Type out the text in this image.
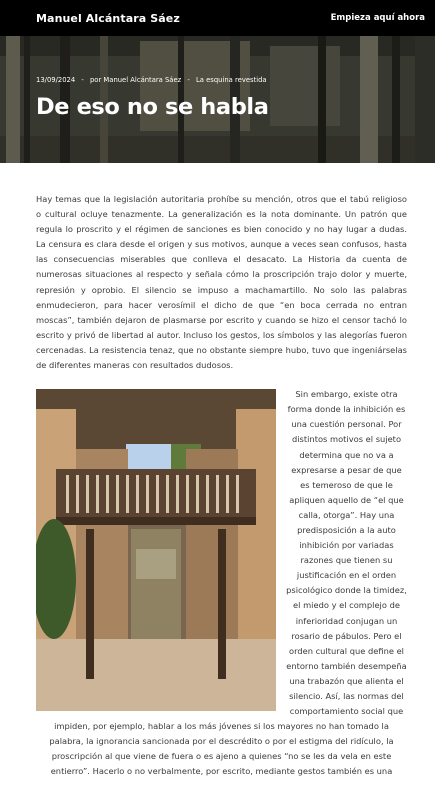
Manuel Alcántara Sáez	Empieza aquí ahora
13/09/2024 - por Manuel Alcántara Sáez - La esquina revestida
De eso no se habla

Hay temas que la legislación autoritaria prohíbe su mención, otros que el tabú religioso o cultural ocluye tenazmente. La generalización es la nota dominante. Un patrón que regula lo proscrito y el régimen de sanciones es bien conocido y no hay lugar a dudas. La censura es clara desde el origen y sus motivos, aunque a veces sean confusos, hasta las consecuencias miserables que conlleva el desacato. La Historia da cuenta de numerosas situaciones al respecto y señala cómo la proscripción trajo dolor y muerte, represión y oprobio. El silencio se impuso a machamartillo. No solo las palabras enmudecieron, para hacer verosímil el dicho de que “en boca cerrada no entran moscas”, también dejaron de plasmarse por escrito y cuando se hizo el censor tachó lo escrito y privó de libertad al autor. Incluso los gestos, los símbolos y las alegorías fueron cercenadas. La resistencia tenaz, que no obstante siempre hubo, tuvo que ingeniárselas de diferentes maneras con resultados dudosos.

Sin embargo, existe otra forma donde la inhibición es una cuestión personal. Por distintos motivos el sujeto determina que no va a expresarse a pesar de que es temeroso de que le apliquen aquello de “el que calla, otorga”. Hay una predisposición a la auto inhibición por variadas razones que tienen su justificación en el orden psicológico donde la timidez, el miedo y el complejo de inferioridad conjugan un rosario de pábulos. Pero el orden cultural que define el entorno también desempeña una trabazón que alienta el silencio. Así, las normas del comportamiento social que impiden, por ejemplo, hablar a los más jóvenes si los mayores no han tomado la palabra, la ignorancia sancionada por el descrédito o por el estigma del ridículo, la proscripción al que viene de fuera o es ajeno a quienes “no se les da vela en este entierro”. Hacerlo o no verbalmente, por escrito, mediante gestos también es una
